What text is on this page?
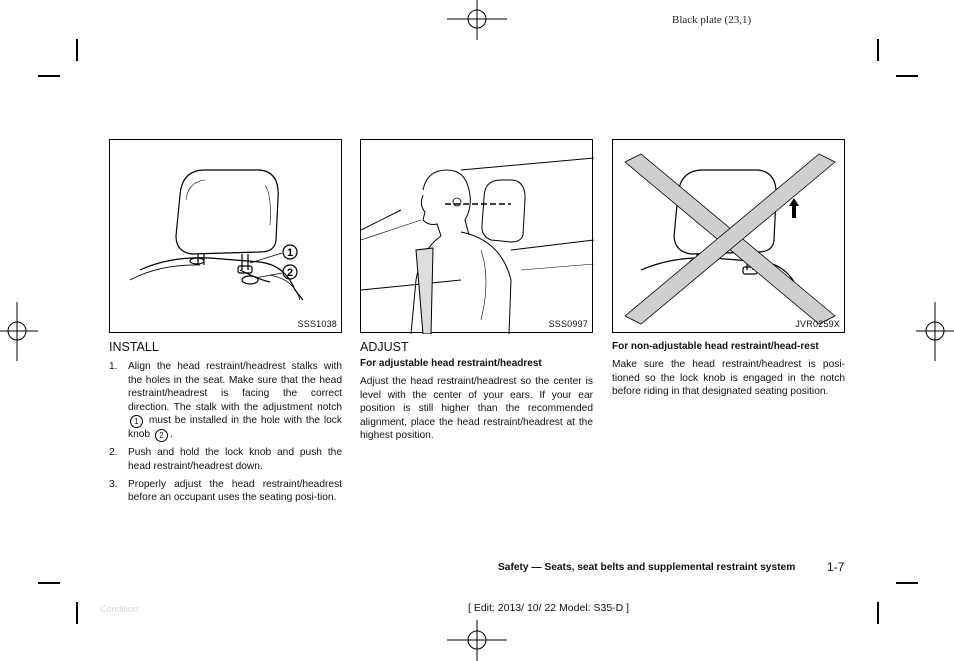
Black plate (23,1)
1
2
SSS1038	SSS0997	JVR0259X
INSTALL
1. Align the head restraint/headrest stalks with the holes in the seat. Make sure that the head restraint/headrest is facing the correct direction. The stalk with the adjustment notch 1 must be installed in the hole with the lock knob 2 .
2. Push and hold the lock knob and push the head restraint/headrest down.
3. Properly adjust the head restraint/headrest before an occupant uses the seating posi-tion.
ADJUST
For adjustable head restraint/headrest
Adjust the head restraint/headrest so the center is level with the center of your ears. If your ear position is still higher than the recommended alignment, place the head restraint/headrest at the highest position.
For non-adjustable head restraint/head-rest
Make sure the head restraint/headrest is posi-tioned so the lock knob is engaged in the notch before riding in that designated seating position.
Safety — Seats, seat belts and supplemental restraint system	1-7
Condition:	[ Edit: 2013/ 10/ 22 Model: S35-D ]
